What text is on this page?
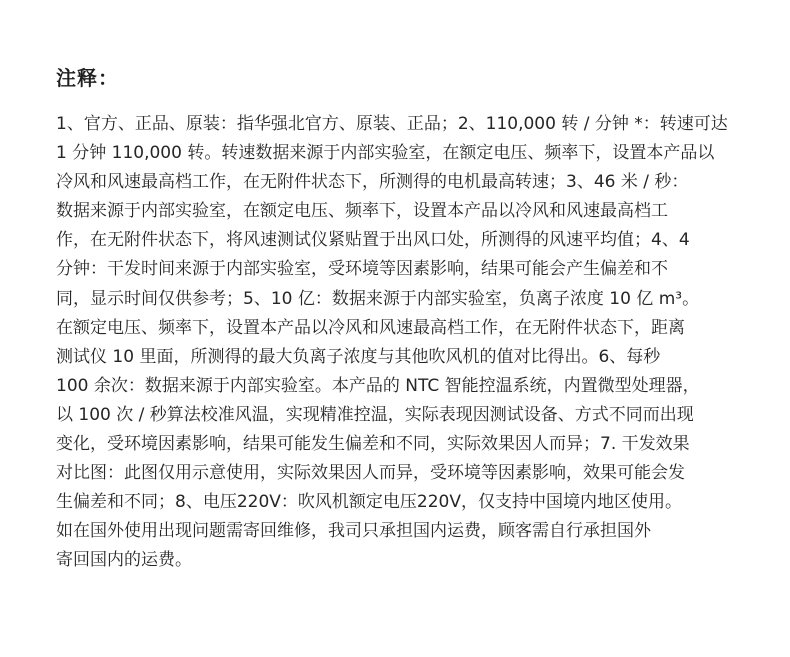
注释：
1、官方、正品、原装：指华强北官方、原装、正品；2、110,000 转 / 分钟 *：转速可达
1 分钟 110,000 转。转速数据来源于内部实验室，在额定电压、频率下，设置本产品以
冷风和风速最高档工作，在无附件状态下，所测得的电机最高转速；3、46 米 / 秒：
数据来源于内部实验室，在额定电压、频率下，设置本产品以冷风和风速最高档工
作，在无附件状态下，将风速测试仪紧贴置于出风口处，所测得的风速平均值；4、4
分钟：干发时间来源于内部实验室，受环境等因素影响，结果可能会产生偏差和不
同，显示时间仅供参考；5、10 亿：数据来源于内部实验室，负离子浓度 10 亿 m³。
在额定电压、频率下，设置本产品以冷风和风速最高档工作，在无附件状态下，距离
测试仪 10 里面，所测得的最大负离子浓度与其他吹风机的值对比得出。6、每秒
100 余次：数据来源于内部实验室。本产品的 NTC 智能控温系统，内置微型处理器，
以 100 次 / 秒算法校准风温，实现精准控温，实际表现因测试设备、方式不同而出现
变化，受环境因素影响，结果可能发生偏差和不同，实际效果因人而异；7. 干发效果
对比图：此图仅用示意使用，实际效果因人而异，受环境等因素影响，效果可能会发
生偏差和不同；8、电压220V：吹风机额定电压220V，仅支持中国境内地区使用。
如在国外使用出现问题需寄回维修，我司只承担国内运费，顾客需自行承担国外
寄回国内的运费。
